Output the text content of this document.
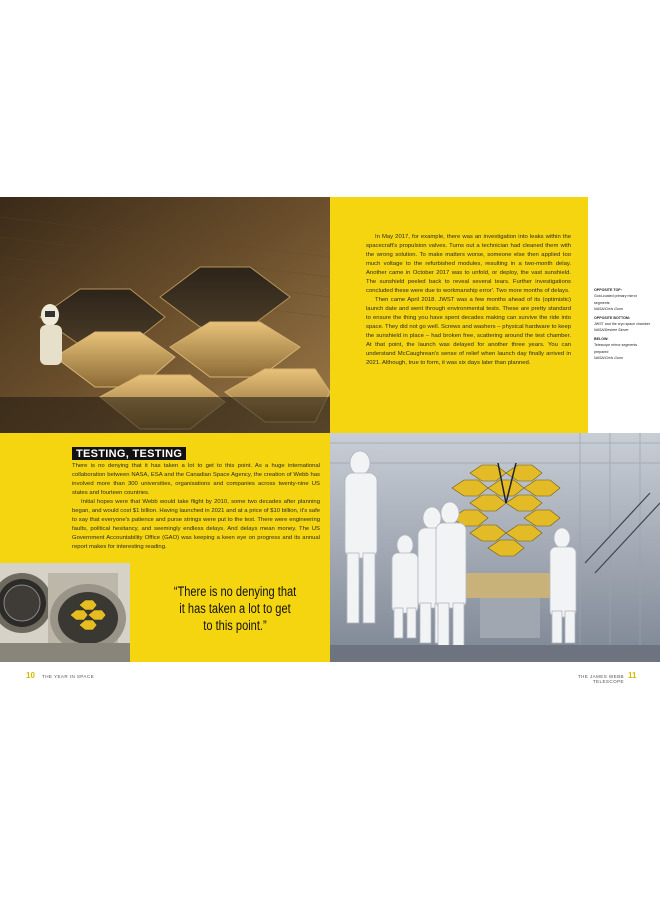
In May 2017, for example, there was an investigation into leaks within the spacecraft's propulsion valves. Turns out a technician had cleaned them with the wrong solution. To make matters worse, someone else then applied too much voltage to the refurbished modules, resulting in a two-month delay. Another came in October 2017 was to unfold, or deploy, the vast sunshield. The sunshield peeled back to reveal several tears. Further investigations concluded these were due to workmanship error'. Two more months of delays.

Then came April 2018. JWST was a few months ahead of its (optimistic) launch date and went through environmental tests. These are pretty standard to ensure the thing you have spent decades making can survive the ride into space. They did not go well. Screws and washers – physical hardware to keep the sunshield in place – had broken free, scattering around the test chamber. At that point, the launch was delayed for another three years. You can understand McCaughrean's sense of relief when launch day finally arrived in 2021. Although, true to form, it was six days later than planned.

OPPOSITE TOP:
Gold-coated primary mirror segments
NASA/Chris Gunn
OPPOSITE BOTTOM:
JWST and the cryo space chamber
NASA/Desiree Stover
BELOW:
Telescope mirror segments prepared
NASA/Chris Gunn
TESTING, TESTING

There is no denying that it has taken a lot to get to this point. As a huge international collaboration between NASA, ESA and the Canadian Space Agency, the creation of Webb has involved more than 300 universities, organisations and companies across twenty-nine US states and fourteen countries.

Initial hopes were that Webb would take flight by 2010, some two decades after planning began, and would cost $1 billion. Having launched in 2021 and at a price of $10 billion, it's safe to say that everyone's patience and purse strings were put to the test. There were engineering faults, political hesitancy, and seemingly endless delays. And delays mean money. The US Government Accountability Office (GAO) was keeping a keen eye on progress and its annual report makes for interesting reading.

“There is no denying that it has taken a lot to get to this point.”
10 THE YEAR IN SPACE	THE JAMES WEBB TELESCOPE
11
